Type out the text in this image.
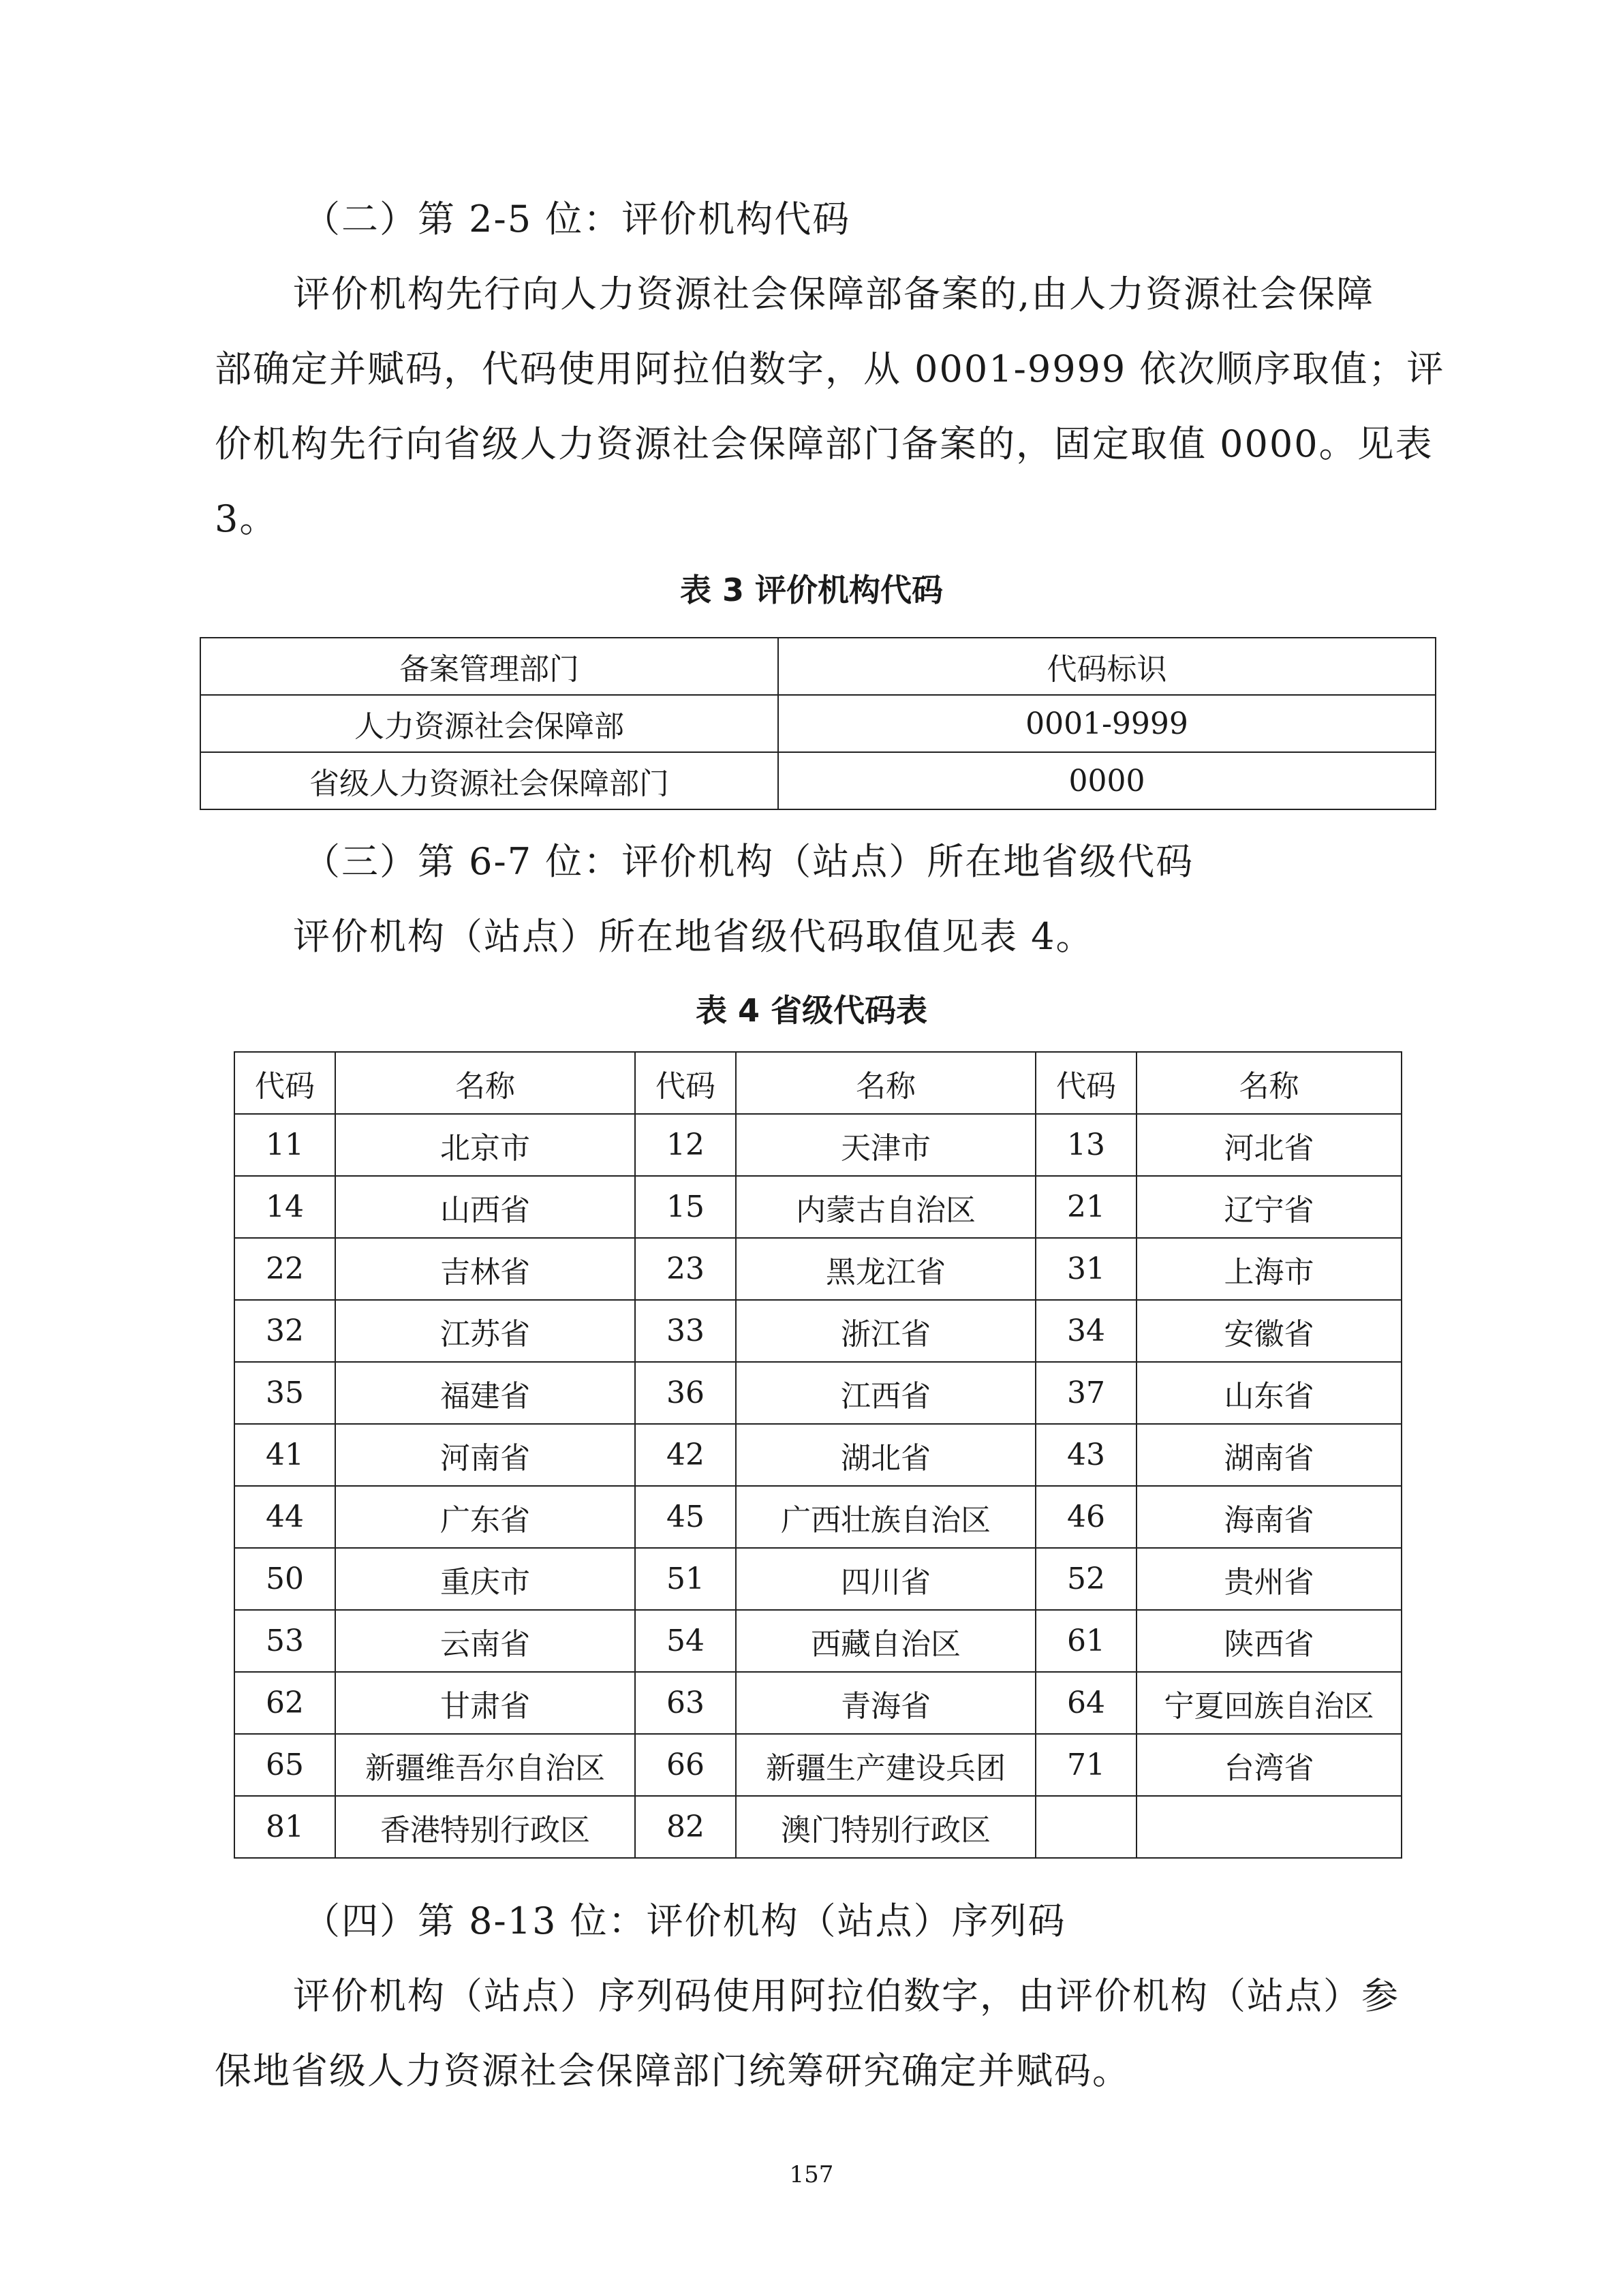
（二）第 2-5 位：评价机构代码
评价机构先行向人力资源社会保障部备案的,由人力资源社会保障
部确定并赋码，代码使用阿拉伯数字，从 0001-9999 依次顺序取值；评
价机构先行向省级人力资源社会保障部门备案的，固定取值 0000。见表
3。
表 3 评价机构代码
备案管理部门	代码标识
人力资源社会保障部	0001-9999
省级人力资源社会保障部门	0000
（三）第 6-7 位：评价机构（站点）所在地省级代码
评价机构（站点）所在地省级代码取值见表 4。
表 4 省级代码表
代码	名称	代码	名称	代码	名称
11	北京市	12	天津市	13	河北省
14	山西省	15	内蒙古自治区	21	辽宁省
22	吉林省	23	黑龙江省	31	上海市
32	江苏省	33	浙江省	34	安徽省
35	福建省	36	江西省	37	山东省
41	河南省	42	湖北省	43	湖南省
44	广东省	45	广西壮族自治区	46	海南省
50	重庆市	51	四川省	52	贵州省
53	云南省	54	西藏自治区	61	陕西省
62	甘肃省	63	青海省	64	宁夏回族自治区
65	新疆维吾尔自治区	66	新疆生产建设兵团	71	台湾省
81	香港特别行政区	82	澳门特别行政区		
（四）第 8-13 位：评价机构（站点）序列码
评价机构（站点）序列码使用阿拉伯数字，由评价机构（站点）参
保地省级人力资源社会保障部门统筹研究确定并赋码。
157
